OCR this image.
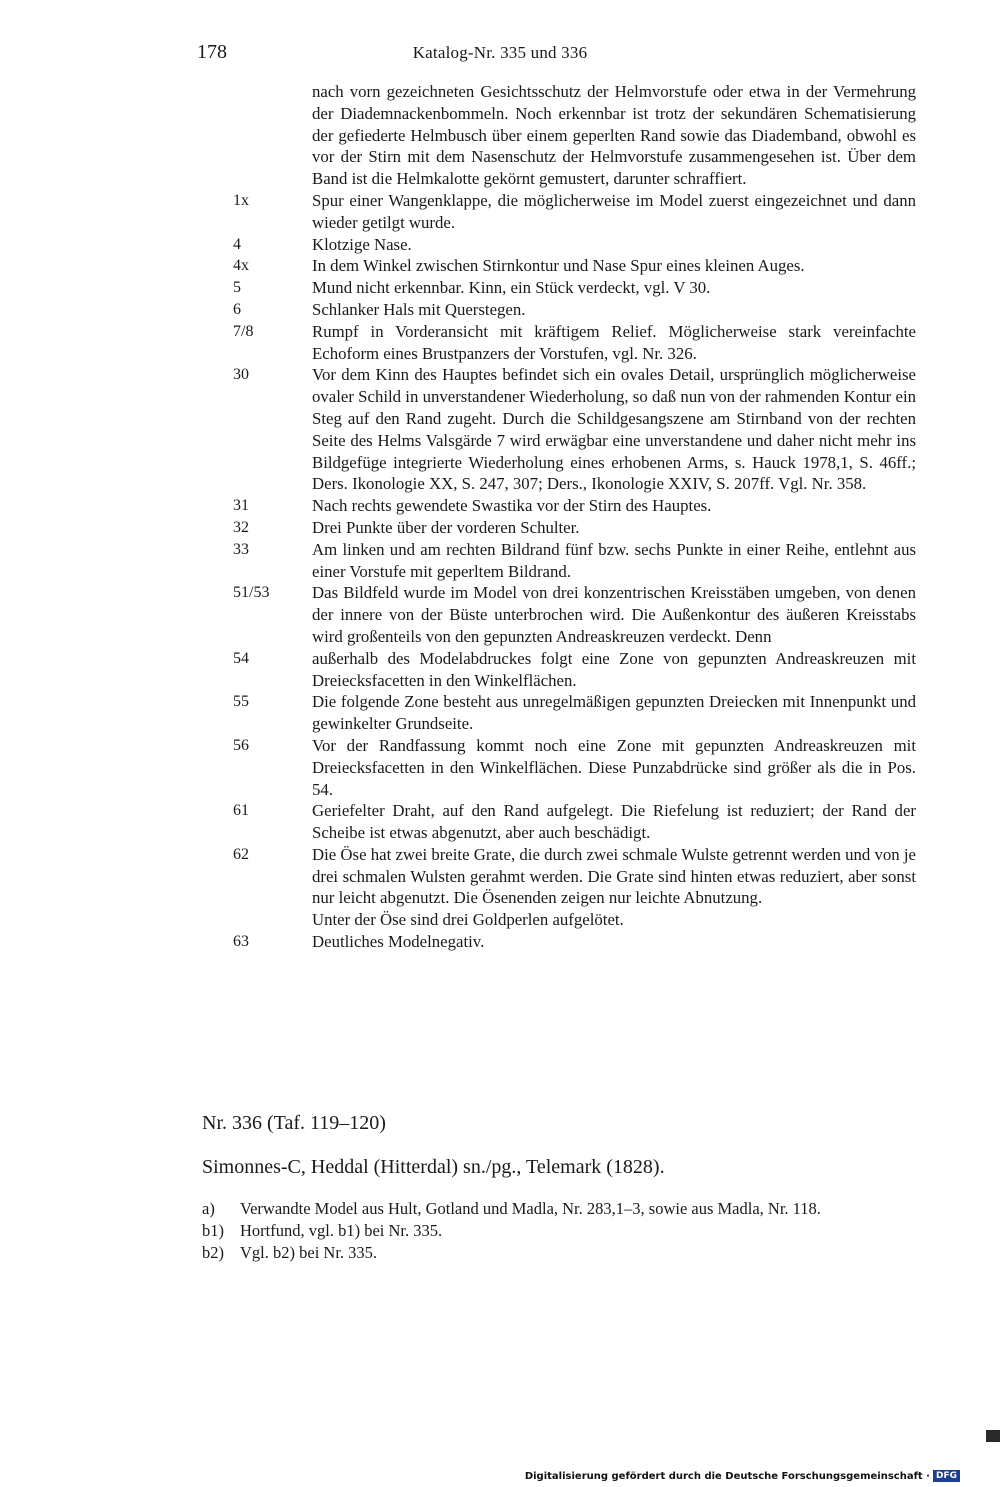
178	Katalog-Nr. 335 und 336
nach vorn gezeichneten Gesichtsschutz der Helmvorstufe oder etwa in der Vermehrung der Diademnackenbommeln. Noch erkennbar ist trotz der sekundären Schematisierung der gefiederte Helmbusch über einem geperlten Rand sowie das Diademband, obwohl es vor der Stirn mit dem Nasenschutz der Helmvorstufe zusammengesehen ist. Über dem Band ist die Helmkalotte gekörnt gemustert, darunter schraffiert.
1x	Spur einer Wangenklappe, die möglicherweise im Model zuerst eingezeichnet und dann wieder getilgt wurde.
4	Klotzige Nase.
4x	In dem Winkel zwischen Stirnkontur und Nase Spur eines kleinen Auges.
5	Mund nicht erkennbar. Kinn, ein Stück verdeckt, vgl. V 30.
6	Schlanker Hals mit Querstegen.
7/8	Rumpf in Vorderansicht mit kräftigem Relief. Möglicherweise stark vereinfachte Echoform eines Brustpanzers der Vorstufen, vgl. Nr. 326.
30	Vor dem Kinn des Hauptes befindet sich ein ovales Detail, ursprünglich möglicherweise ovaler Schild in unverstandener Wiederholung, so daß nun von der rahmenden Kontur ein Steg auf den Rand zugeht. Durch die Schildgesangszene am Stirnband von der rechten Seite des Helms Valsgärde 7 wird erwägbar eine unverstandene und daher nicht mehr ins Bildgefüge integrierte Wiederholung eines erhobenen Arms, s. Hauck 1978,1, S. 46ff.; Ders. Ikonologie XX, S. 247, 307; Ders., Ikonologie XXIV, S. 207ff. Vgl. Nr. 358.
31	Nach rechts gewendete Swastika vor der Stirn des Hauptes.
32	Drei Punkte über der vorderen Schulter.
33	Am linken und am rechten Bildrand fünf bzw. sechs Punkte in einer Reihe, entlehnt aus einer Vorstufe mit geperltem Bildrand.
51/53	Das Bildfeld wurde im Model von drei konzentrischen Kreisstäben umgeben, von denen der innere von der Büste unterbrochen wird. Die Außenkontur des äußeren Kreisstabs wird großenteils von den gepunzten Andreaskreuzen verdeckt. Denn
54	außerhalb des Modelabdruckes folgt eine Zone von gepunzten Andreaskreuzen mit Dreiecksfacetten in den Winkelflächen.
55	Die folgende Zone besteht aus unregelmäßigen gepunzten Dreiecken mit Innenpunkt und gewinkelter Grundseite.
56	Vor der Randfassung kommt noch eine Zone mit gepunzten Andreaskreuzen mit Dreiecksfacetten in den Winkelflächen. Diese Punzabdrücke sind größer als die in Pos. 54.
61	Geriefelter Draht, auf den Rand aufgelegt. Die Riefelung ist reduziert; der Rand der Scheibe ist etwas abgenutzt, aber auch beschädigt.
62	Die Öse hat zwei breite Grate, die durch zwei schmale Wulste getrennt werden und von je drei schmalen Wulsten gerahmt werden. Die Grate sind hinten etwas reduziert, aber sonst nur leicht abgenutzt. Die Ösenenden zeigen nur leichte Abnutzung.
Unter der Öse sind drei Goldperlen aufgelötet.
63	Deutliches Modelnegativ.
Nr. 336 (Taf. 119–120)
Simonnes-C, Heddal (Hitterdal) sn./pg., Telemark (1828).
a) Verwandte Model aus Hult, Gotland und Madla, Nr. 283,1–3, sowie aus Madla, Nr. 118.
b1) Hortfund, vgl. b1) bei Nr. 335.
b2) Vgl. b2) bei Nr. 335.
Digitalisierung gefördert durch die Deutsche Forschungsgemeinschaft · DFG
